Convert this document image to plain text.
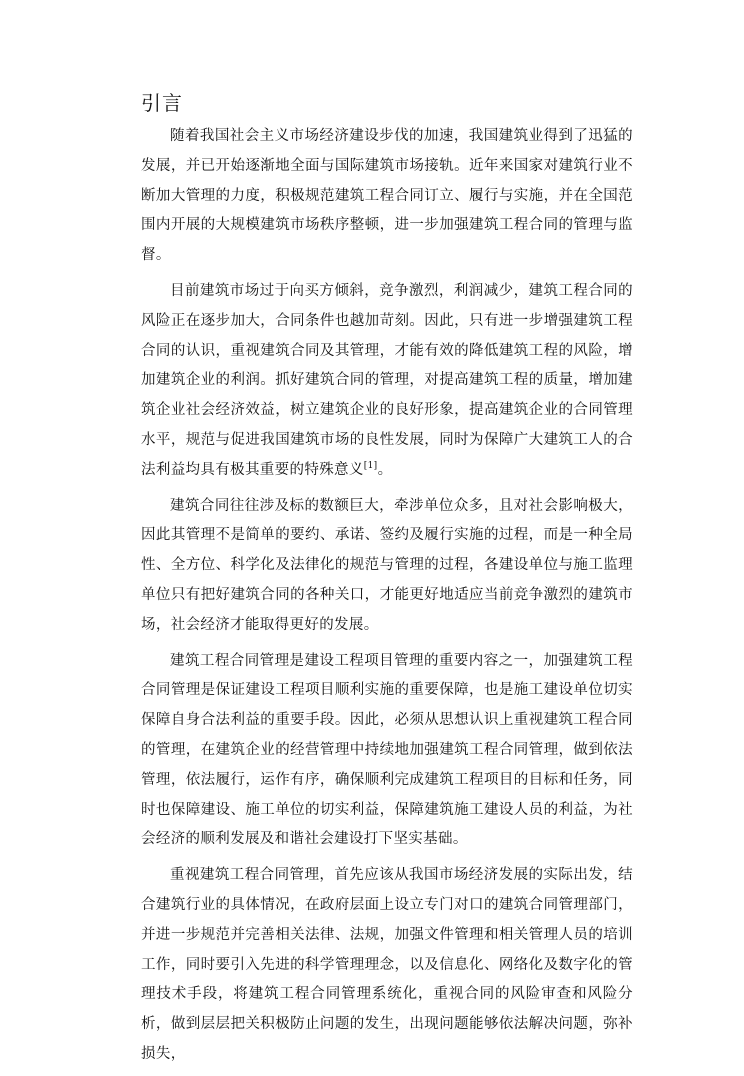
引言

随着我国社会主义市场经济建设步伐的加速，我国建筑业得到了迅猛的发展，并已开始逐渐地全面与国际建筑市场接轨。近年来国家对建筑行业不断加大管理的力度，积极规范建筑工程合同订立、履行与实施，并在全国范围内开展的大规模建筑市场秩序整顿，进一步加强建筑工程合同的管理与监督。

目前建筑市场过于向买方倾斜，竞争激烈，利润减少，建筑工程合同的风险正在逐步加大，合同条件也越加苛刻。因此，只有进一步增强建筑工程合同的认识，重视建筑合同及其管理，才能有效的降低建筑工程的风险，增加建筑企业的利润。抓好建筑合同的管理，对提高建筑工程的质量，增加建筑企业社会经济效益，树立建筑企业的良好形象，提高建筑企业的合同管理水平，规范与促进我国建筑市场的良性发展，同时为保障广大建筑工人的合法利益均具有极其重要的特殊意义[1]。

建筑合同往往涉及标的数额巨大，牵涉单位众多，且对社会影响极大，因此其管理不是简单的要约、承诺、签约及履行实施的过程，而是一种全局性、全方位、科学化及法律化的规范与管理的过程，各建设单位与施工监理单位只有把好建筑合同的各种关口，才能更好地适应当前竞争激烈的建筑市场，社会经济才能取得更好的发展。

建筑工程合同管理是建设工程项目管理的重要内容之一，加强建筑工程合同管理是保证建设工程项目顺利实施的重要保障，也是施工建设单位切实保障自身合法利益的重要手段。因此，必须从思想认识上重视建筑工程合同的管理，在建筑企业的经营管理中持续地加强建筑工程合同管理，做到依法管理，依法履行，运作有序，确保顺利完成建筑工程项目的目标和任务，同时也保障建设、施工单位的切实利益，保障建筑施工建设人员的利益，为社会经济的顺利发展及和谐社会建设打下坚实基础。

重视建筑工程合同管理，首先应该从我国市场经济发展的实际出发，结合建筑行业的具体情况，在政府层面上设立专门对口的建筑合同管理部门，并进一步规范并完善相关法律、法规，加强文件管理和相关管理人员的培训工作，同时要引入先进的科学管理理念，以及信息化、网络化及数字化的管理技术手段，将建筑工程合同管理系统化，重视合同的风险审查和风险分析，做到层层把关积极防止问题的发生，出现问题能够依法解决问题，弥补损失，
